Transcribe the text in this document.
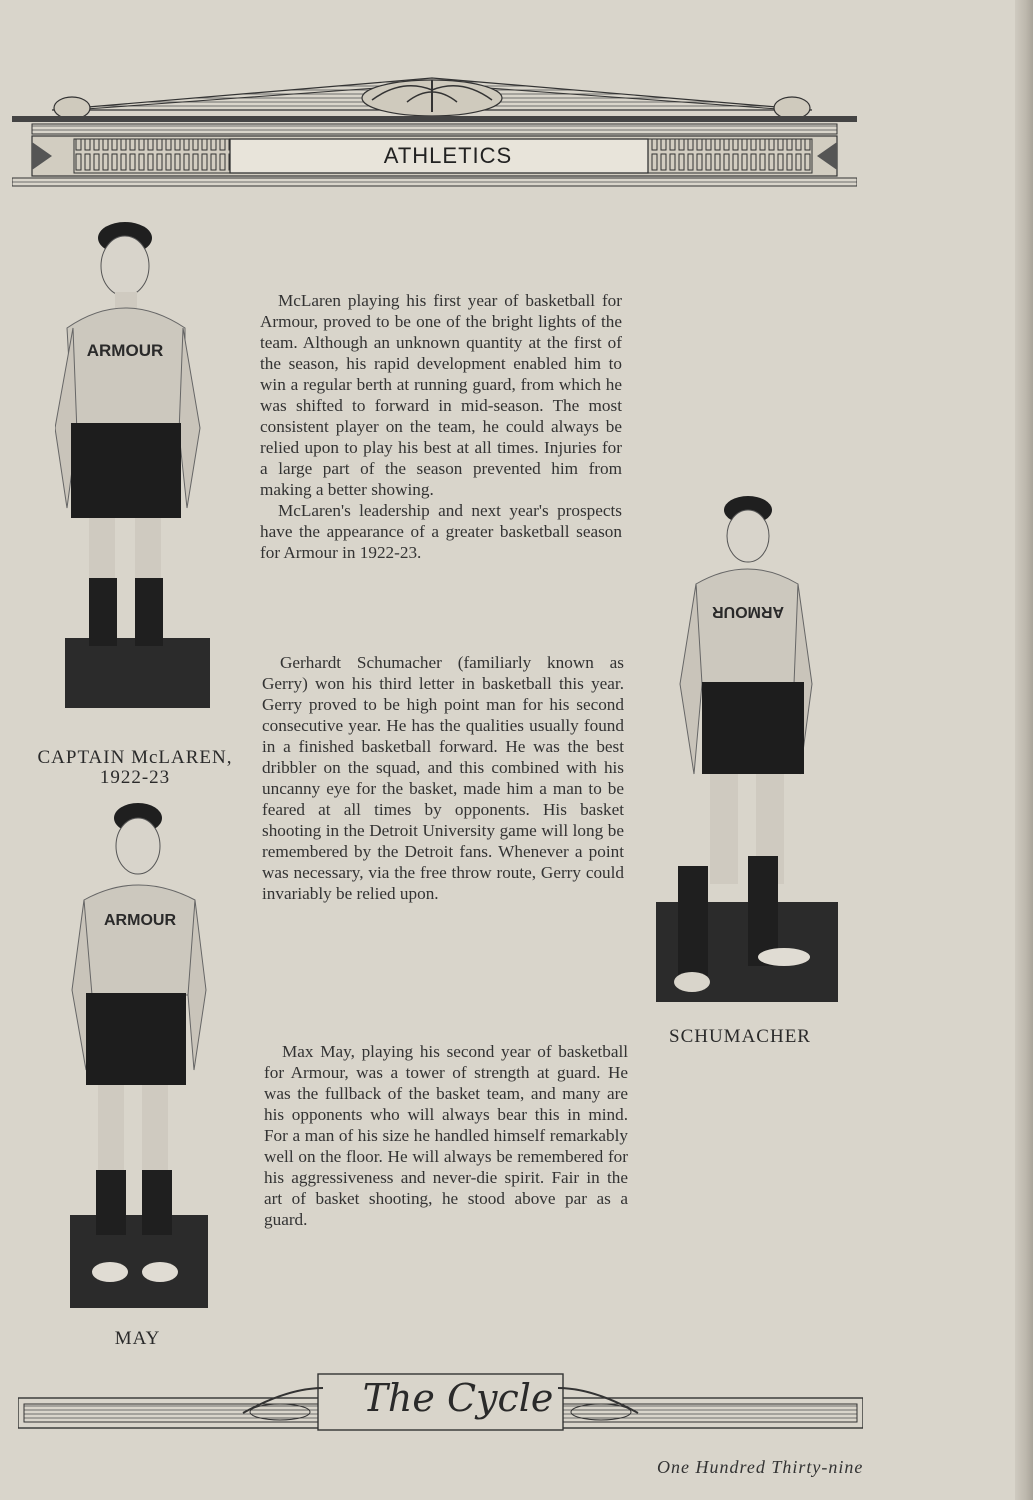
ATHLETICS
ARMOUR
CAPTAIN McLAREN,
1922-23
ARMOUR
MAY
ARMOUR
SCHUMACHER

McLaren playing his first year of basketball for Armour, proved to be one of the bright lights of the team. Although an unknown quantity at the first of the season, his rapid development enabled him to win a regular berth at running guard, from which he was shifted to forward in mid-season. The most consistent player on the team, he could always be relied upon to play his best at all times. Injuries for a large part of the season prevented him from making a better showing.

McLaren's leadership and next year's prospects have the appearance of a greater basketball season for Armour in 1922-23.

Gerhardt Schumacher (familiarly known as Gerry) won his third letter in basketball this year. Gerry proved to be high point man for his second consecutive year. He has the qualities usually found in a finished basketball forward. He was the best dribbler on the squad, and this combined with his uncanny eye for the basket, made him a man to be feared at all times by opponents. His basket shooting in the Detroit University game will long be remembered by the Detroit fans. Whenever a point was necessary, via the free throw route, Gerry could invariably be relied upon.

Max May, playing his second year of basketball for Armour, was a tower of strength at guard. He was the fullback of the basket team, and many are his opponents who will always bear this in mind. For a man of his size he handled himself remarkably well on the floor. He will always be remembered for his aggressiveness and never-die spirit. Fair in the art of basket shooting, he stood above par as a guard.

The Cycle
One Hundred Thirty-nine
